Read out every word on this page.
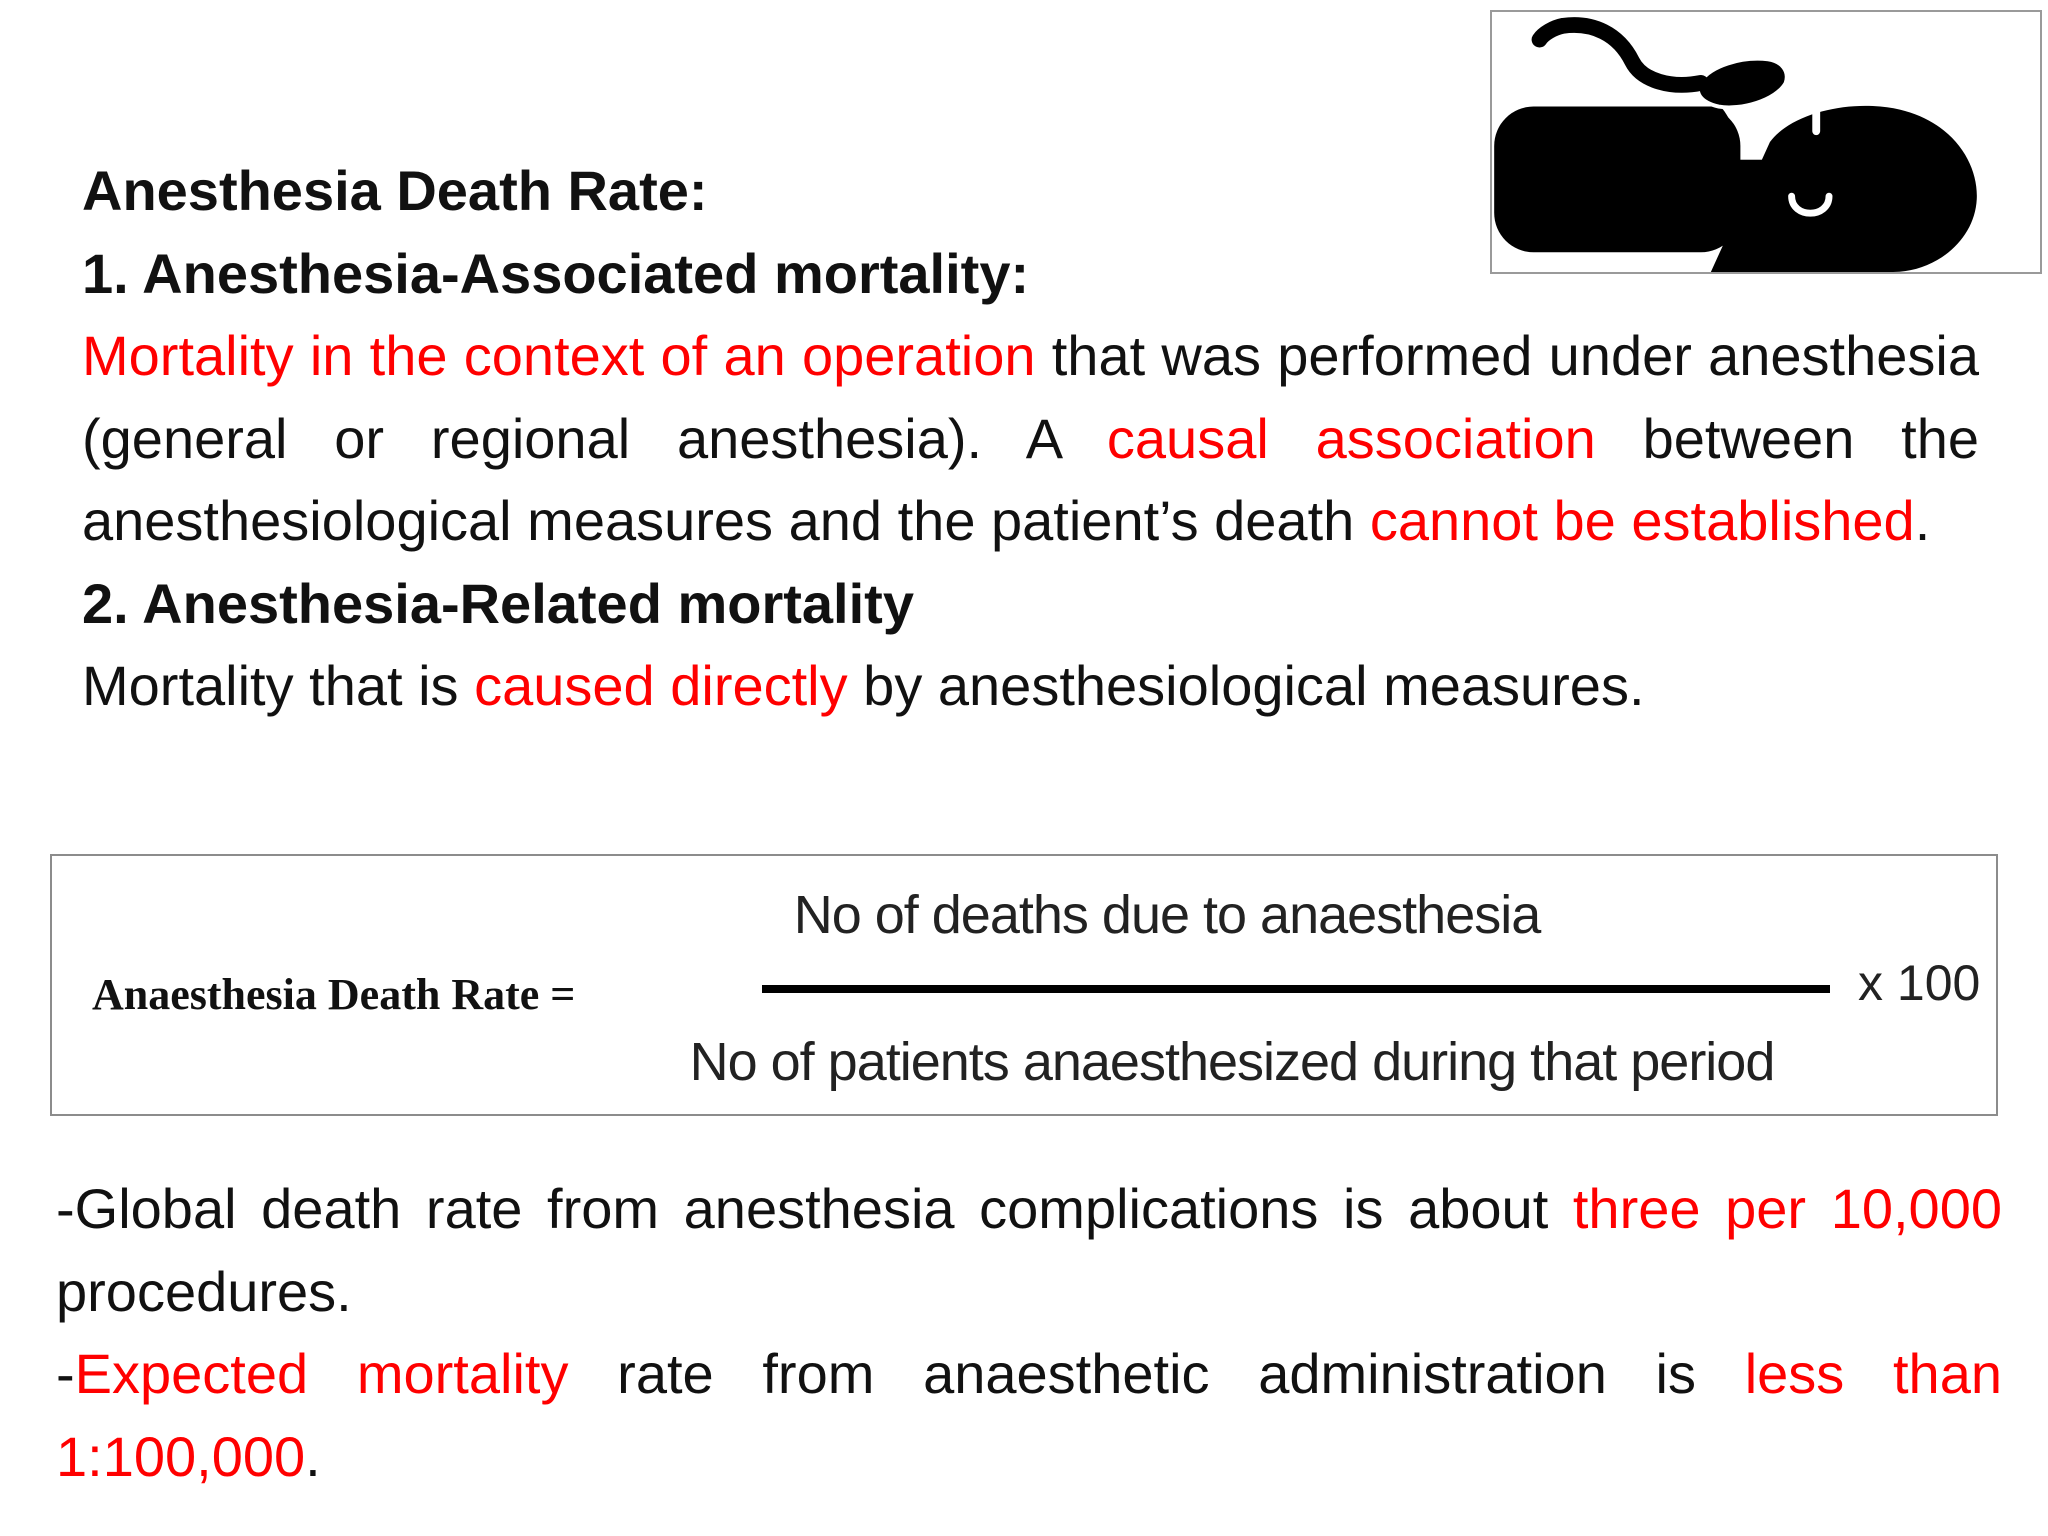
Anesthesia Death Rate:

1. Anesthesia-Associated mortality:

Mortality in the context of an operation that was performed under anesthesia (general or regional anesthesia). A causal association between the anesthesiological measures and the patient’s death cannot be established.

2. Anesthesia-Related mortality

Mortality that is caused directly by anesthesiological measures.

Anaesthesia Death Rate =
No of deaths due to anaesthesia
No of patients anaesthesized during that period
x 100

-Global death rate from anesthesia complications is about three per 10,000 procedures.

-Expected mortality rate from anaesthetic administration is less than 1:100,000.
